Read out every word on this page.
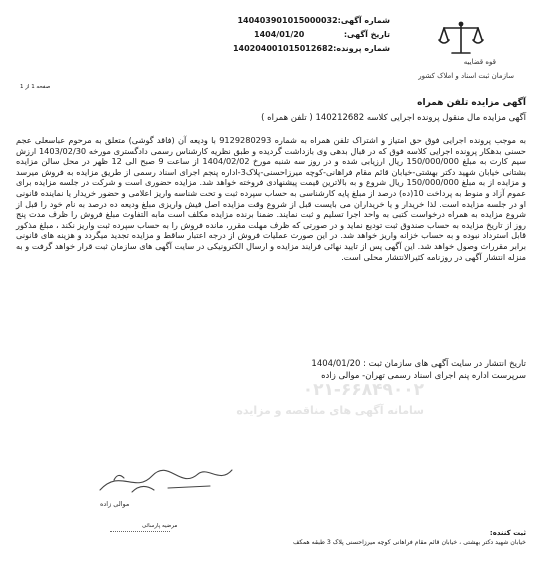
شماره آگهی:
140403901015000032
تاریخ آگهی:
1404/01/20
شماره پرونده:
140204001015012682
قوه قضاییه
سازمان ثبت اسناد و املاک کشور
صفحه 1 از 1
آگهی مزایده تلفن همراه
آگهی مزایده مال منقول پرونده اجرایی کلاسه 140212682 ( تلفن همراه )

به موجب پرونده اجرایی فوق حق امتیاز و اشتراک تلفن همراه به شماره 9129280293 با ودیعه آن (فاقد گوشی) متعلق به مرحوم عباسعلی عجم حسنی بدهکار پرونده اجرایی کلاسه فوق که در قبال بدهی وی بازداشت گردیده و طبق نظریه کارشناس رسمی دادگستری مورخه 1403/02/30 ارزش سیم کارت به مبلغ 150/000/000 ریال ارزیابی شده و در روز سه شنبه مورخ 1404/02/02 از ساعت 9 صبح الی 12 ظهر در محل سالن مزایده بشتانی خیابان شهید دکتر بهشتی-خیابان قائم مقام فراهانی-کوچه میرزاحسنی-پلاک3-اداره پنجم اجرای اسناد رسمی از طریق مزایده به فروش میرسد و مزایده از به مبلغ 150/000/000 ریال شروع و به بالاترین قیمت پیشنهادی فروخته خواهد شد. مزایده حضوری است و شرکت در جلسه مزایده برای عموم آزاد و منوط به پرداخت 10(ده) درصد از مبلغ پایه کارشناسی به حساب سپرده ثبت و تحت شناسه واریز اعلامی و حضور خریدار یا نماینده قانونی او در جلسه مزایده است. لذا خریدار و یا خریداران می بایست قبل از شروع وقت مزایده اصل فیش واریزی مبلغ ودیعه ده درصد به نام خود را قبل از شروع مزایده به همراه درخواست کتبی به واحد اجرا تسلیم و ثبت نمایند. ضمنا برنده مزایده مکلف است مابه التفاوت مبلغ فروش را ظرف مدت پنج روز از تاریخ مزایده به حساب صندوق ثبت تودیع نماید و در صورتی که ظرف مهلت مقرر، مانده فروش را به حساب سپرده ثبت واریز نکند ، مبلغ مذکور قابل استرداد نبوده و به حساب خزانه واریز خواهد شد. در این صورت عملیات فروش از درجه اعتبار ساقط و مزایده تجدید میگردد و هزینه های قانونی برابر مقررات وصول خواهد شد. این آگهی پس از تایید نهائی فرایند مزایده و ارسال الکترونیکی در سایت آگهی های سازمان ثبت قرار خواهد گرفت و به منزله انتشار آگهی در روزنامه کثیرالانتشار محلی است.

تاریخ انتشار در سایت آگهی های سازمان ثبت : 1404/01/20
سرپرست اداره پنم اجرای اسناد رسمی تهران- موالی زاده
۰۲۱-۶۶۸۴۹۰۰۲
سامانه آگهی های مناقصه و مزایده
موالی زاده
مرضیه پارسائی
ثبت کننده:
خیابان شهید دکتر بهشتی ، خیابان قائم مقام فراهانی کوچه میرزاحسنی پلاک 3 طبقه همکف
